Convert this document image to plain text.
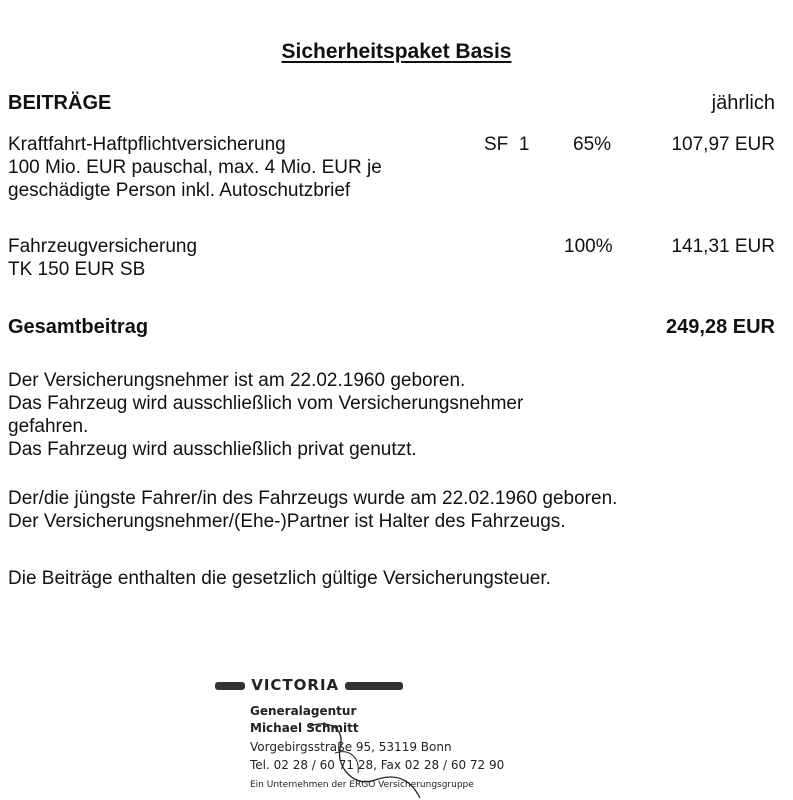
Sicherheitspaket Basis
BEITRÄGE	jährlich
Kraftfahrt-Haftpflichtversicherung
100 Mio. EUR pauschal, max. 4 Mio. EUR je
geschädigte Person inkl. Autoschutzbrief
SF  1 65%	107,97 EUR
Fahrzeugversicherung
TK 150 EUR SB
100%	141,31 EUR
Gesamtbeitrag	249,28 EUR
Der Versicherungsnehmer ist am 22.02.1960 geboren.
Das Fahrzeug wird ausschließlich vom Versicherungsnehmer
gefahren.
Das Fahrzeug wird ausschließlich privat genutzt.
Der/die jüngste Fahrer/in des Fahrzeugs wurde am 22.02.1960 geboren.
Der Versicherungsnehmer/(Ehe-)Partner ist Halter des Fahrzeugs.
Die Beiträge enthalten die gesetzlich gültige Versicherungsteuer.
VICTORIA
Generalagentur
Michael Schmitt
Vorgebirgsstraße 95, 53119 Bonn
Tel. 02 28 / 60 71 28, Fax 02 28 / 60 72 90
Ein Unternehmen der ERGO Versicherungsgruppe
